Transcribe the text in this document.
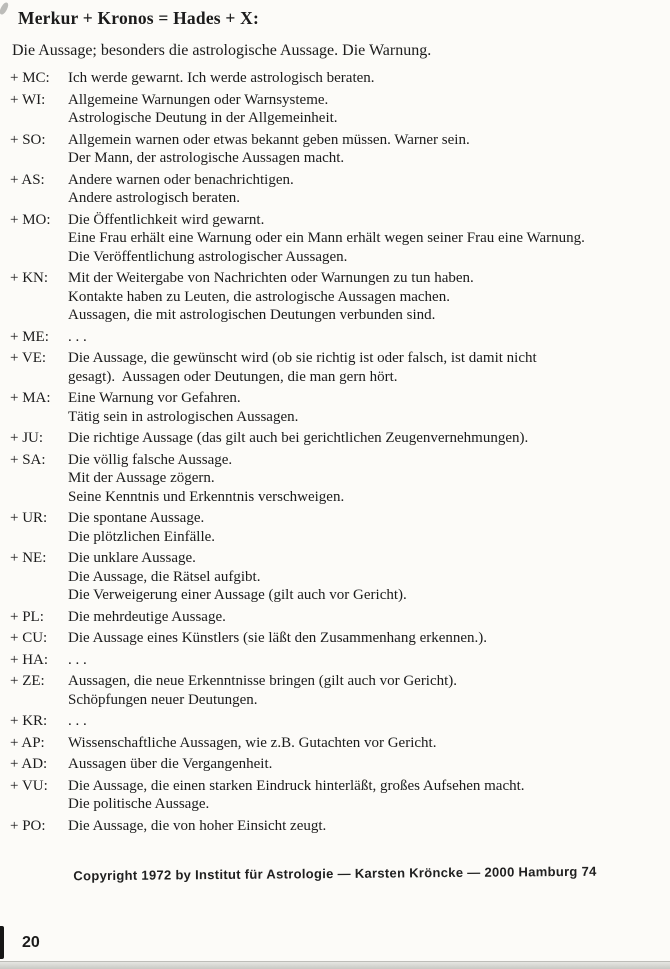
Merkur + Kronos = Hades + X:

Die Aussage; besonders die astrologische Aussage. Die Warnung.

+ MC:	Ich werde gewarnt. Ich werde astrologisch beraten.
+ WI:	Allgemeine Warnungen oder Warnsysteme.
Astrologische Deutung in der Allgemeinheit.
+ SO:	Allgemein warnen oder etwas bekannt geben müssen. Warner sein.
Der Mann, der astrologische Aussagen macht.
+ AS:	Andere warnen oder benachrichtigen.
Andere astrologisch beraten.
+ MO:	Die Öffentlichkeit wird gewarnt.
Eine Frau erhält eine Warnung oder ein Mann erhält wegen seiner Frau eine Warnung.
Die Veröffentlichung astrologischer Aussagen.
+ KN:	Mit der Weitergabe von Nachrichten oder Warnungen zu tun haben.
Kontakte haben zu Leuten, die astrologische Aussagen machen.
Aussagen, die mit astrologischen Deutungen verbunden sind.
+ ME:	. . .
+ VE:	Die Aussage, die gewünscht wird (ob sie richtig ist oder falsch, ist damit nicht
gesagt).  Aussagen oder Deutungen, die man gern hört.
+ MA:	Eine Warnung vor Gefahren.
Tätig sein in astrologischen Aussagen.
+ JU:	Die richtige Aussage (das gilt auch bei gerichtlichen Zeugenvernehmungen).
+ SA:	Die völlig falsche Aussage.
Mit der Aussage zögern.
Seine Kenntnis und Erkenntnis verschweigen.
+ UR:	Die spontane Aussage.
Die plötzlichen Einfälle.
+ NE:	Die unklare Aussage.
Die Aussage, die Rätsel aufgibt.
Die Verweigerung einer Aussage (gilt auch vor Gericht).
+ PL:	Die mehrdeutige Aussage.
+ CU:	Die Aussage eines Künstlers (sie läßt den Zusammenhang erkennen.).
+ HA:	. . .
+ ZE:	Aussagen, die neue Erkenntnisse bringen (gilt auch vor Gericht).
Schöpfungen neuer Deutungen.
+ KR:	. . .
+ AP:	Wissenschaftliche Aussagen, wie z.B. Gutachten vor Gericht.
+ AD:	Aussagen über die Vergangenheit.
+ VU:	Die Aussage, die einen starken Eindruck hinterläßt, großes Aufsehen macht.
Die politische Aussage.
+ PO:	Die Aussage, die von hoher Einsicht zeugt.
Copyright 1972 by Institut für Astrologie — Karsten Kröncke — 2000 Hamburg 74
20
